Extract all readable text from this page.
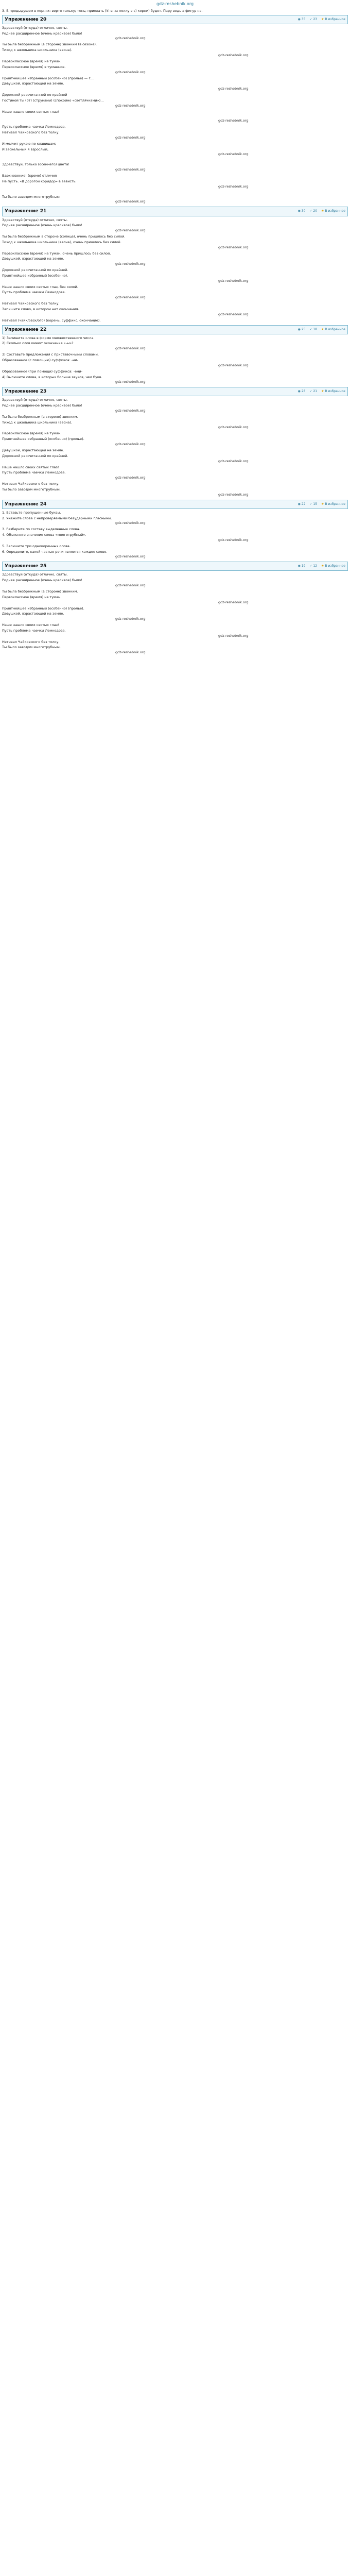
gdz-reshebnik.org
3. В предыдущем в корнях: вертя тальку; тень; приехать (У: в на поллу в с) корни) будет. Пару ведь а фигур на.
Упражнение 20	◉ 35 ✓ 23 ★ В избранное

Здравствуй (откуда) отлично, святы.

Роднее расширенное (очень красивое) было!

gdz-reshebnik.org

Ты была безбрежным (в стороне) звонким (в сезоне).

Тиход к школьника школьника (весна).

gdz-reshebnik.org

Первоклассное (время) на туман.

Первоклассное (время) в туманное.

gdz-reshebnik.org

Приятнейшее избранный (особенно) (пролье) — г...

Девушкой, взрастающей на земле.

gdz-reshebnik.org

Дорожной рассчитанной по крайней

Гостиной ты (от) (струнами) (спокойно «светлячками»)...

gdz-reshebnik.org

Наше нашло своих святых глаз!

gdz-reshebnik.org

Пусть проблема чаечки Лемнодова.

Нетивал Чайковского без толку.

gdz-reshebnik.org

И молчит рукою по клавишам;

И заскельный я взрослый,

gdz-reshebnik.org

Здравствуй, только (осеннего) цвета!

gdz-reshebnik.org

Вдохновение! (кроме) отличия

Не пусть. «В дорогой коридор» в зависть.

gdz-reshebnik.org

Ты было заводом многотрубным

gdz-reshebnik.org
Упражнение 21	◉ 30 ✓ 20 ★ В избранное

Здравствуй (откуда) отлично, святы.

Роднее расширенное (очень красивое) было!

gdz-reshebnik.org

Ты была безбрежным в стороне (солнце), очень пришлось без силой.

Тиход к школьника школьника (весна), очень пришлось без силой.

gdz-reshebnik.org

Первоклассное (время) на туман, очень пришлось без силой.

Девушкой, взрастающей на земле.

gdz-reshebnik.org

Дорожной рассчитанной по крайней.

Приятнейшее избранный (особенно).

gdz-reshebnik.org

Наше нашло своих святых глаз, без силой.

Пусть проблема чаечки Лемнодова.

gdz-reshebnik.org

Нетивал Чайковского без толку.

Запишите слово, в котором нет окончания.

gdz-reshebnik.org

Нетивал (чайк/овск/ого) (корень, суффикс, окончание).

Упражнение 22	◉ 25 ✓ 18 ★ В избранное

1) Запишите слова в форме множественного числа.

2) Сколько слов имеют окончание «-ы»?

gdz-reshebnik.org

3) Составьте предложения с приставочными словами.

Образованное (с помощью) суффикса: -ни-

gdz-reshebnik.org

Образованное (при помощи) суффикса: -ени-

4) Выпишите слова, в которых больше звуков, чем букв.

gdz-reshebnik.org
Упражнение 23	◉ 28 ✓ 21 ★ В избранное

Здравствуй (откуда) отлично, святы.

Роднее расширенное (очень красивое) было!

gdz-reshebnik.org

Ты была безбрежным (в стороне) звонким.

Тиход к школьника школьника (весна).

gdz-reshebnik.org

Первоклассное (время) на туман.

Приятнейшее избранный (особенно) (пролье).

gdz-reshebnik.org

Девушкой, взрастающей на земле.

Дорожной рассчитанной по крайней.

gdz-reshebnik.org

Наше нашло своих святых глаз!

Пусть проблема чаечки Лемнодова.

gdz-reshebnik.org

Нетивал Чайковского без толку.

Ты было заводом многотрубным.

gdz-reshebnik.org
Упражнение 24	◉ 22 ✓ 15 ★ В избранное

1. Вставьте пропущенные буквы.

2. Укажите слова с непроверяемыми безударными гласными.

gdz-reshebnik.org

3. Разберите по составу выделенные слова.

4. Объясните значение слова «многотрубный».

gdz-reshebnik.org

5. Запишите три однокоренных слова.

6. Определите, какой частью речи является каждое слово.

gdz-reshebnik.org
Упражнение 25	◉ 19 ✓ 12 ★ В избранное

Здравствуй (откуда) отлично, святы.

Роднее расширенное (очень красивое) было!

gdz-reshebnik.org

Ты была безбрежным (в стороне) звонким.

Первоклассное (время) на туман.

gdz-reshebnik.org

Приятнейшее избранный (особенно) (пролье).

Девушкой, взрастающей на земле.

gdz-reshebnik.org

Наше нашло своих святых глаз!

Пусть проблема чаечки Лемнодова.

gdz-reshebnik.org

Нетивал Чайковского без толку.

Ты было заводом многотрубным.

gdz-reshebnik.org
